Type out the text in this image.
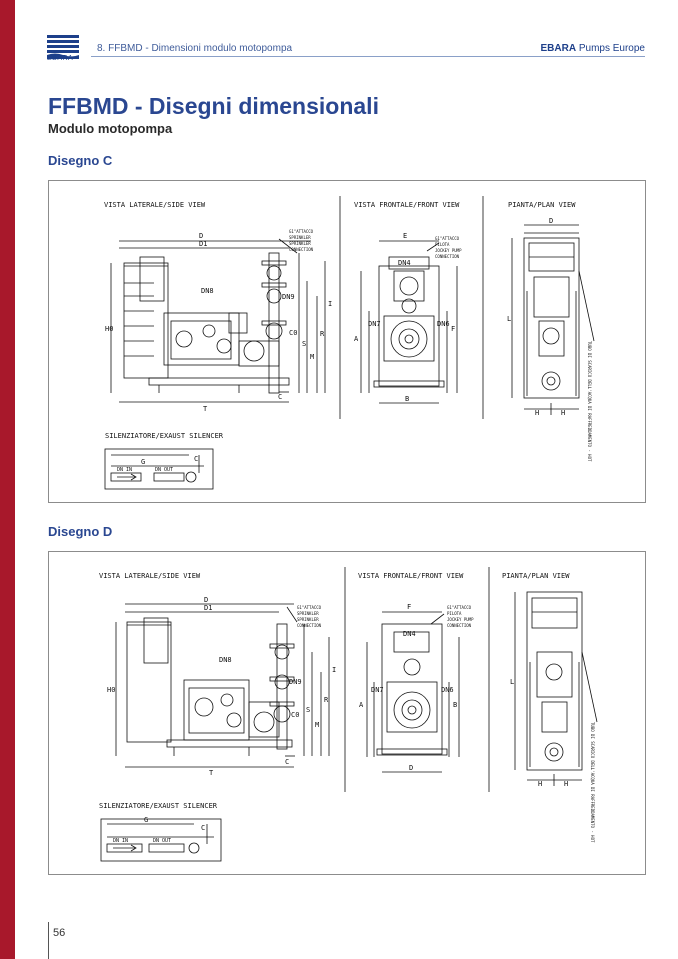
EBARA
8. FFBMD - Dimensioni modulo motopompa	EBARA Pumps Europe
FFBMD - Disegni dimensionali
Modulo motopompa
Disegno C
VISTA LATERALE/SIDE VIEW	VISTA FRONTALE/FRONT VIEW	PIANTA/PLAN VIEW
SILENZIATORE/EXAUST SILENCER
D
D1
DN8
DN9
C0
H0
T
C
S
R
M
I
G1"ATTACCO
SPRINKLER
SPRINKLER
CONNECTION
G1"ATTACCO
PILOTA
JOCKEY PUMP
CONNECTION
E
DN4
DN7	DN6
A
B
F
D
L
H	H
G
DN IN	DN OUT
C	TUBO DI SCARICO DELL'ACQUA DI RAFFREDDAMENTO - HOT
Disegno D
VISTA LATERALE/SIDE VIEW	VISTA FRONTALE/FRONT VIEW	PIANTA/PLAN VIEW
SILENZIATORE/EXAUST SILENCER
D
D1
DN8
DN9
C0
H0
T
C
S
R
M
I
G1"ATTACCO
SPRINKLER
SPRINKLER
CONNECTION
G1"ATTACCO
PILOTA
JOCKEY PUMP
CONNECTION
F
DN4
DN7	DN6
A	B
D
L
H	H
G
DN IN	DN OUT
C	TUBO DI SCARICO DELL'ACQUA DI RAFFREDDAMENTO - HOT
56
